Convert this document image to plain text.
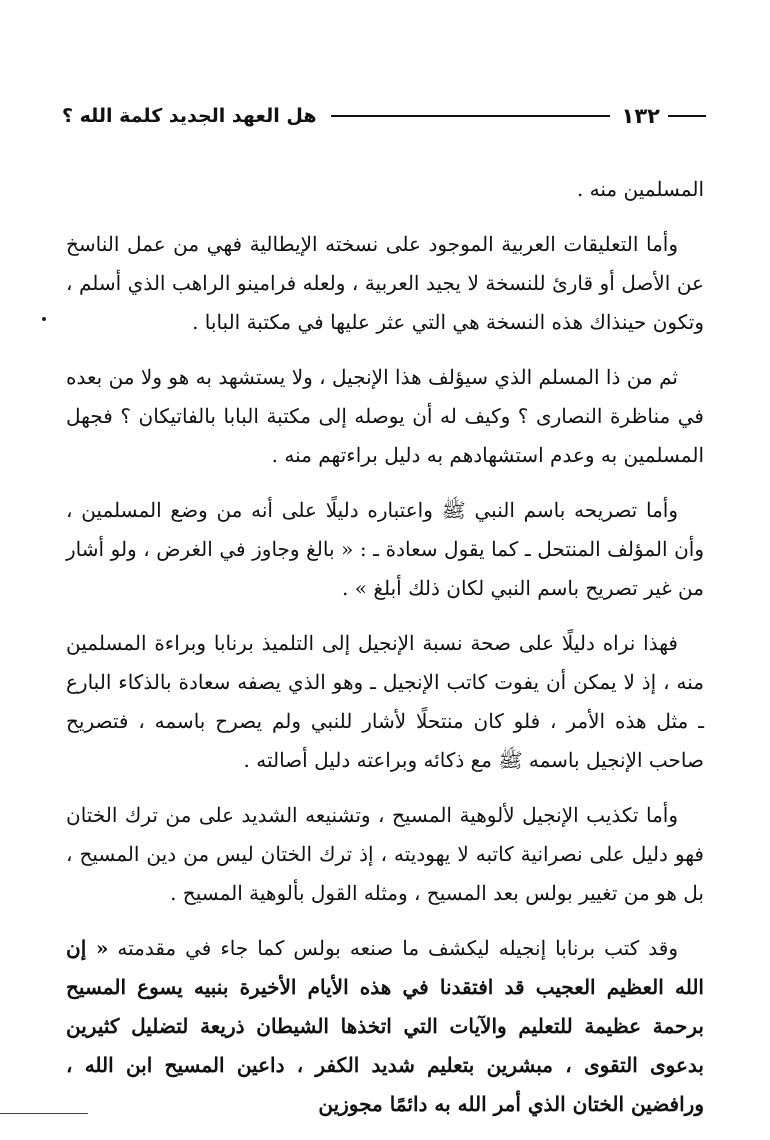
١٣٢
هل العهد الجديد كلمة الله ؟

المسلمين منه .

وأما التعليقات العربية الموجود على نسخته الإيطالية فهي من عمل الناسخ عن الأصل أو قارئ للنسخة لا يجيد العربية ، ولعله فرامينو الراهب الذي أسلم ، وتكون حينذاك هذه النسخة هي التي عثر عليها في مكتبة البابا .

ثم من ذا المسلم الذي سيؤلف هذا الإنجيل ، ولا يستشهد به هو ولا من بعده في مناظرة النصارى ؟ وكيف له أن يوصله إلى مكتبة البابا بالفاتيكان ؟ فجهل المسلمين به وعدم استشهادهم به دليل براءتهم منه .

وأما تصريحه باسم النبي ﷺ واعتباره دليلًا على أنه من وضع المسلمين ، وأن المؤلف المنتحل ـ كما يقول سعادة ـ : « بالغ وجاوز في الغرض ، ولو أشار من غير تصريح باسم النبي لكان ذلك أبلغ » .

فهذا نراه دليلًا على صحة نسبة الإنجيل إلى التلميذ برنابا وبراءة المسلمين منه ، إذ لا يمكن أن يفوت كاتب الإنجيل ـ وهو الذي يصفه سعادة بالذكاء البارع ـ مثل هذه الأمر ، فلو كان منتحلًا لأشار للنبي ولم يصرح باسمه ، فتصريح صاحب الإنجيل باسمه ﷺ مع ذكائه وبراعته دليل أصالته .

وأما تكذيب الإنجيل لألوهية المسيح ، وتشنيعه الشديد على من ترك الختان فهو دليل على نصرانية كاتبه لا يهوديته ، إذ ترك الختان ليس من دين المسيح ، بل هو من تغيير بولس بعد المسيح ، ومثله القول بألوهية المسيح .

وقد كتب برنابا إنجيله ليكشف ما صنعه بولس كما جاء في مقدمته « إن الله العظيم العجيب قد افتقدنا في هذه الأيام الأخيرة بنبيه يسوع المسيح برحمة عظيمة للتعليم والآيات التي اتخذها الشيطان ذريعة لتضليل كثيرين بدعوى التقوى ، مبشرين بتعليم شديد الكفر ، داعين المسيح ابن الله ، ورافضين الختان الذي أمر الله به دائمًا مجوزين
